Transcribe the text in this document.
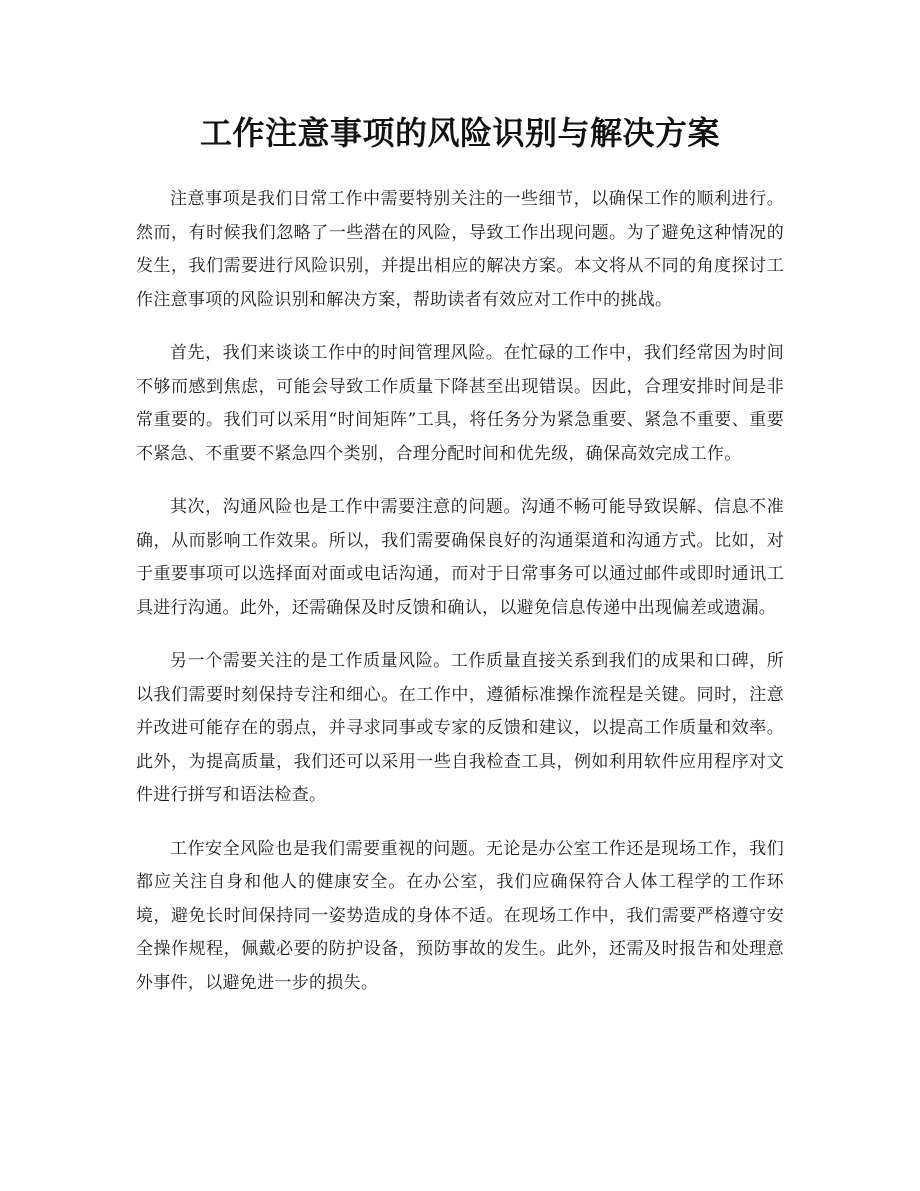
工作注意事项的风险识别与解决方案

注意事项是我们日常工作中需要特别关注的一些细节，以确保工作的顺利进行。然而，有时候我们忽略了一些潜在的风险，导致工作出现问题。为了避免这种情况的发生，我们需要进行风险识别，并提出相应的解决方案。本文将从不同的角度探讨工作注意事项的风险识别和解决方案，帮助读者有效应对工作中的挑战。

首先，我们来谈谈工作中的时间管理风险。在忙碌的工作中，我们经常因为时间不够而感到焦虑，可能会导致工作质量下降甚至出现错误。因此，合理安排时间是非常重要的。我们可以采用“时间矩阵”工具，将任务分为紧急重要、紧急不重要、重要不紧急、不重要不紧急四个类别，合理分配时间和优先级，确保高效完成工作。

其次，沟通风险也是工作中需要注意的问题。沟通不畅可能导致误解、信息不准确，从而影响工作效果。所以，我们需要确保良好的沟通渠道和沟通方式。比如，对于重要事项可以选择面对面或电话沟通，而对于日常事务可以通过邮件或即时通讯工具进行沟通。此外，还需确保及时反馈和确认，以避免信息传递中出现偏差或遗漏。

另一个需要关注的是工作质量风险。工作质量直接关系到我们的成果和口碑，所以我们需要时刻保持专注和细心。在工作中，遵循标准操作流程是关键。同时，注意并改进可能存在的弱点，并寻求同事或专家的反馈和建议，以提高工作质量和效率。此外，为提高质量，我们还可以采用一些自我检查工具，例如利用软件应用程序对文件进行拼写和语法检查。

工作安全风险也是我们需要重视的问题。无论是办公室工作还是现场工作，我们都应关注自身和他人的健康安全。在办公室，我们应确保符合人体工程学的工作环境，避免长时间保持同一姿势造成的身体不适。在现场工作中，我们需要严格遵守安全操作规程，佩戴必要的防护设备，预防事故的发生。此外，还需及时报告和处理意外事件，以避免进一步的损失。
